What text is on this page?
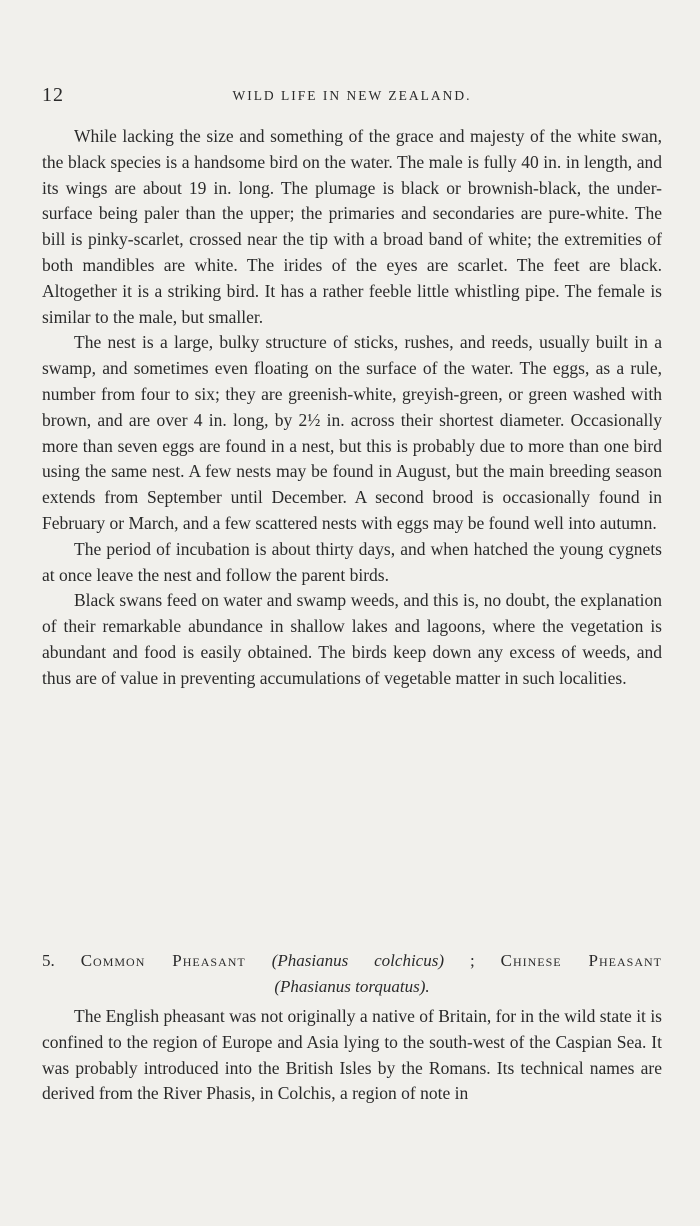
12	WILD LIFE IN NEW ZEALAND.

While lacking the size and something of the grace and majesty of the white swan, the black species is a handsome bird on the water. The male is fully 40 in. in length, and its wings are about 19 in. long. The plumage is black or brownish-black, the under-surface being paler than the upper; the primaries and secondaries are pure-white. The bill is pinky-scarlet, crossed near the tip with a broad band of white; the extremities of both mandibles are white. The irides of the eyes are scarlet. The feet are black. Altogether it is a striking bird. It has a rather feeble little whistling pipe. The female is similar to the male, but smaller.

The nest is a large, bulky structure of sticks, rushes, and reeds, usually built in a swamp, and sometimes even floating on the surface of the water. The eggs, as a rule, number from four to six; they are greenish-white, greyish-green, or green washed with brown, and are over 4 in. long, by 2½ in. across their shortest diameter. Occasionally more than seven eggs are found in a nest, but this is probably due to more than one bird using the same nest. A few nests may be found in August, but the main breeding season extends from September until December. A second brood is occasionally found in February or March, and a few scattered nests with eggs may be found well into autumn.

The period of incubation is about thirty days, and when hatched the young cygnets at once leave the nest and follow the parent birds.

Black swans feed on water and swamp weeds, and this is, no doubt, the explanation of their remarkable abundance in shallow lakes and lagoons, where the vegetation is abundant and food is easily obtained. The birds keep down any excess of weeds, and thus are of value in preventing accumulations of vegetable matter in such localities.

5. Common Pheasant (Phasianus colchicus) ; Chinese Pheasant
(Phasianus torquatus).

The English pheasant was not originally a native of Britain, for in the wild state it is confined to the region of Europe and Asia lying to the south-west of the Caspian Sea. It was probably introduced into the British Isles by the Romans. Its technical names are derived from the River Phasis, in Colchis, a region of note in
